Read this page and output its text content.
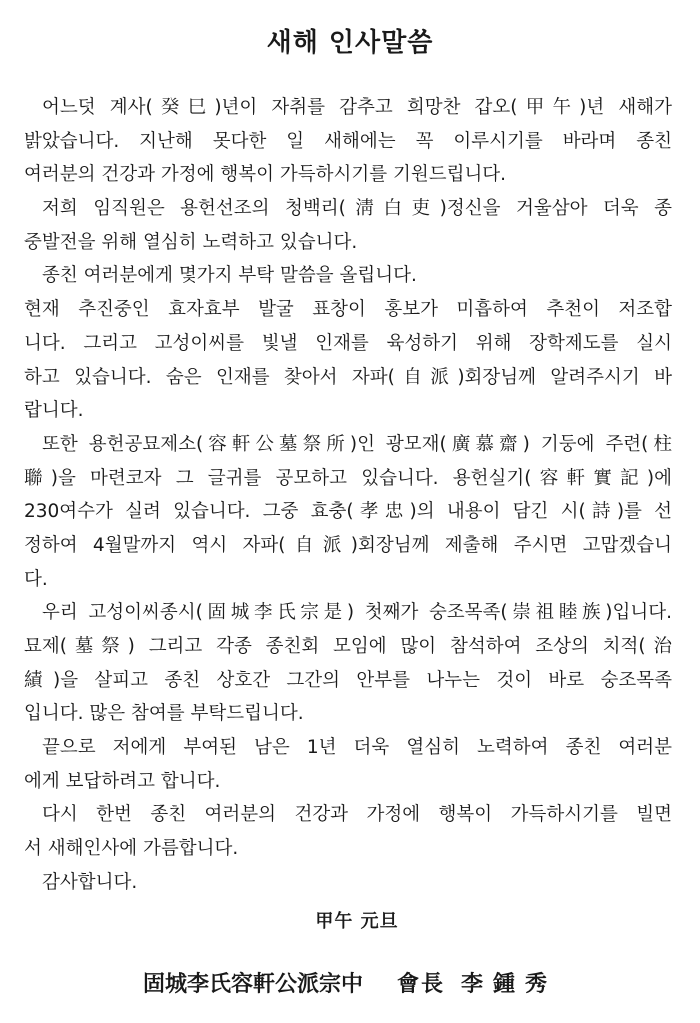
새해 인사말씀
어느덧 계사(癸巳)년이 자취를 감추고 희망찬 갑오(甲午)년 새해가
밝았습니다. 지난해 못다한 일 새해에는 꼭 이루시기를 바라며 종친
여러분의 건강과 가정에 행복이 가득하시기를 기원드립니다.
저희 임직원은 용헌선조의 청백리(淸白吏)정신을 거울삼아 더욱 종
중발전을 위해 열심히 노력하고 있습니다.
종친 여러분에게 몇가지 부탁 말씀을 올립니다.
현재 추진중인 효자효부 발굴 표창이 홍보가 미흡하여 추천이 저조합
니다. 그리고 고성이씨를 빛낼 인재를 육성하기 위해 장학제도를 실시
하고 있습니다. 숨은 인재를 찾아서 자파(自派)회장님께 알려주시기 바
랍니다.
또한 용헌공묘제소(容軒公墓祭所)인 광모재(廣慕齋) 기둥에 주련(柱
聯)을 마련코자 그 글귀를 공모하고 있습니다. 용헌실기(容軒實記)에
230여수가 실려 있습니다. 그중 효충(孝忠)의 내용이 담긴 시(詩)를 선
정하여 4월말까지 역시 자파(自派)회장님께 제출해 주시면 고맙겠습니
다.
우리 고성이씨종시(固城李氏宗是) 첫째가 숭조목족(崇祖睦族)입니다.
묘제(墓祭) 그리고 각종 종친회 모임에 많이 참석하여 조상의 치적(治
績)을 살피고 종친 상호간 그간의 안부를 나누는 것이 바로 숭조목족
입니다. 많은 참여를 부탁드립니다.
끝으로 저에게 부여된 남은 1년 더욱 열심히 노력하여 종친 여러분
에게 보답하려고 합니다.
다시 한번 종친 여러분의 건강과 가정에 행복이 가득하시기를 빌면
서 새해인사에 가름합니다.
감사합니다.
甲午 元旦
固城李氏容軒公派宗中 會長 李鍾秀
